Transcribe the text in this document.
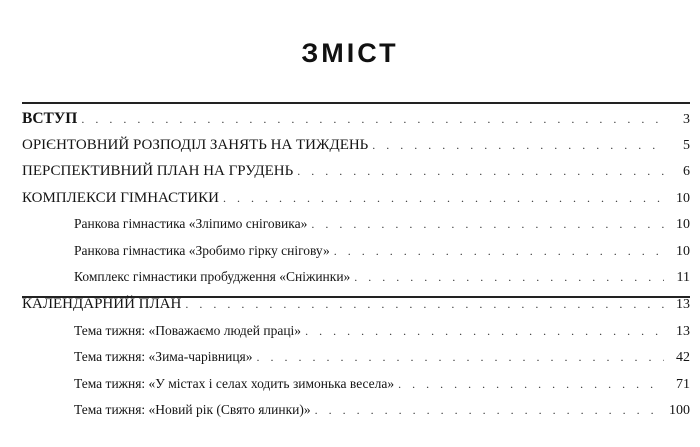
ЗМІСТ
ВСТУП . . .	3
ОРІЄНТОВНИЙ РОЗПОДІЛ ЗАНЯТЬ НА ТИЖДЕНЬ . . .	5
ПЕРСПЕКТИВНИЙ ПЛАН НА ГРУДЕНЬ . . .	6
КОМПЛЕКСИ ГІМНАСТИКИ . . .	10
Ранкова гімнастика «Зліпимо сніговика» . . .	10
Ранкова гімнастика «Зробимо гірку снігову» . . .	10
Комплекс гімнастики пробудження «Сніжинки» . . .	11
КАЛЕНДАРНИЙ ПЛАН . . .	13
Тема тижня: «Поважаємо людей праці» . . .	13
Тема тижня: «Зима-чарівниця» . . .	42
Тема тижня: «У містах і селах ходить зимонька весела» . . .	71
Тема тижня: «Новий рік (Свято ялинки)» . . .	100
